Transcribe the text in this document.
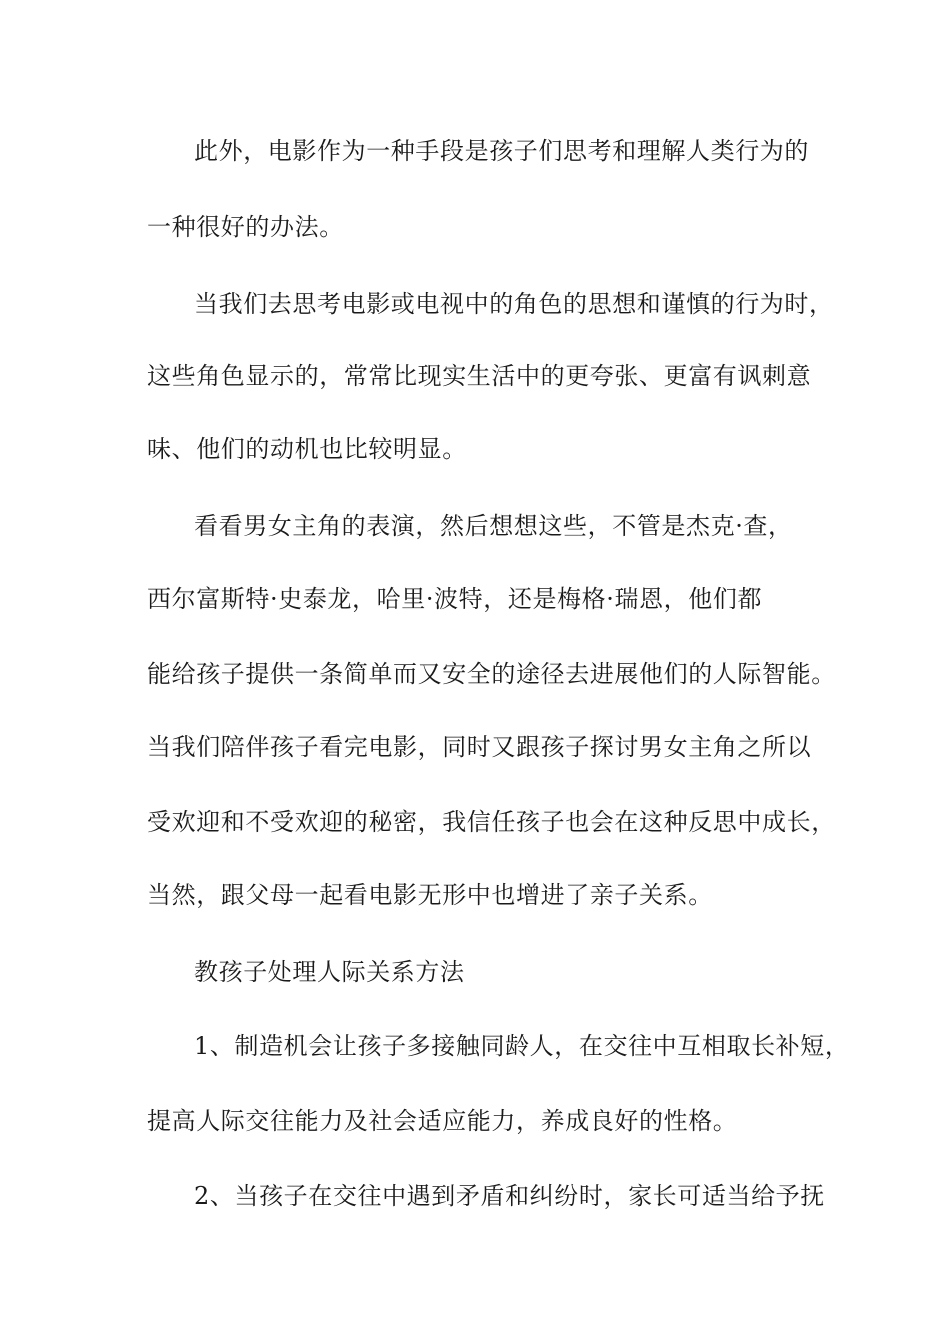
此外，电影作为一种手段是孩子们思考和理解人类行为的
一种很好的办法。
当我们去思考电影或电视中的角色的思想和谨慎的行为时，
这些角色显示的，常常比现实生活中的更夸张、更富有讽刺意
味、他们的动机也比较明显。
看看男女主角的表演，然后想想这些，不管是杰克·查，
西尔富斯特·史泰龙，哈里·波特，还是梅格·瑞恩，他们都
能给孩子提供一条简单而又安全的途径去进展他们的人际智能。
当我们陪伴孩子看完电影，同时又跟孩子探讨男女主角之所以
受欢迎和不受欢迎的秘密，我信任孩子也会在这种反思中成长，
当然，跟父母一起看电影无形中也增进了亲子关系。
教孩子处理人际关系方法
1、制造机会让孩子多接触同龄人，在交往中互相取长补短，
提高人际交往能力及社会适应能力，养成良好的性格。
2、当孩子在交往中遇到矛盾和纠纷时，家长可适当给予抚
